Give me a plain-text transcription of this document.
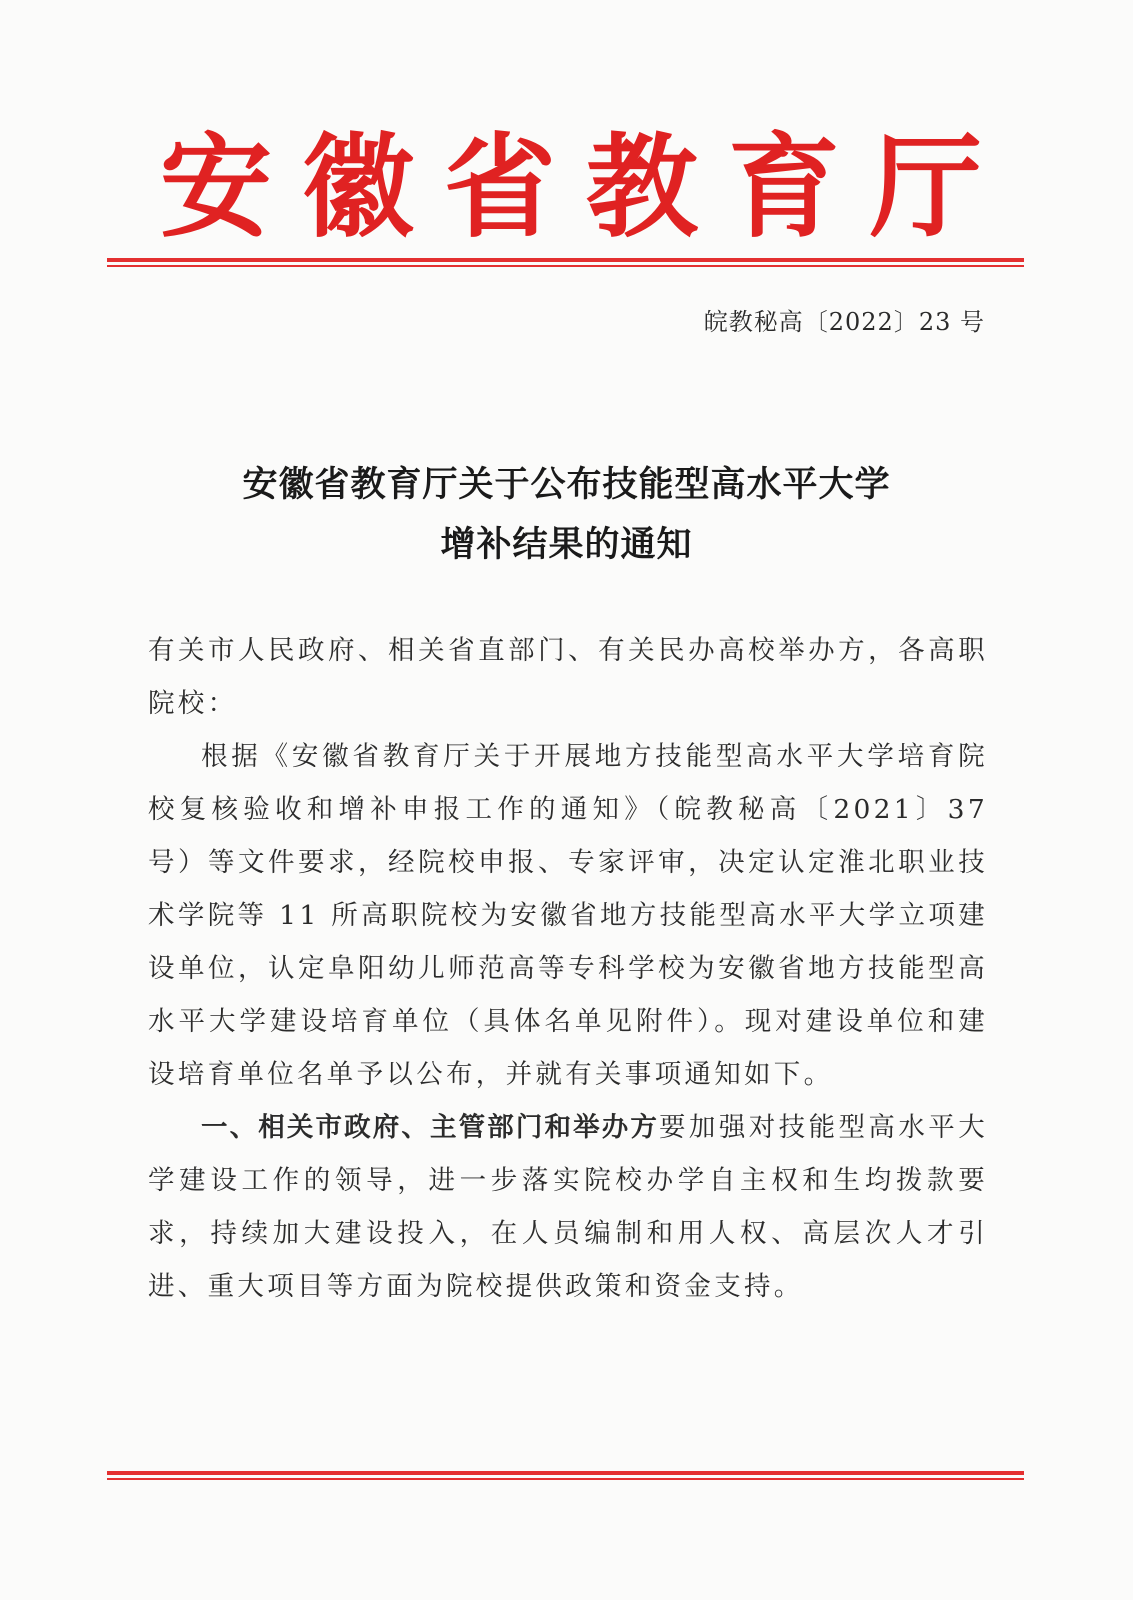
安徽省教育厅
皖教秘高〔2022〕23 号
安徽省教育厅关于公布技能型高水平大学
增补结果的通知

有关市人民政府、相关省直部门、有关民办高校举办方，各高职院校：

根据《安徽省教育厅关于开展地方技能型高水平大学培育院校复核验收和增补申报工作的通知》（皖教秘高〔2021〕37 号）等文件要求，经院校申报、专家评审，决定认定淮北职业技术学院等 11 所高职院校为安徽省地方技能型高水平大学立项建设单位，认定阜阳幼儿师范高等专科学校为安徽省地方技能型高水平大学建设培育单位（具体名单见附件）。现对建设单位和建设培育单位名单予以公布，并就有关事项通知如下。

一、相关市政府、主管部门和举办方要加强对技能型高水平大学建设工作的领导，进一步落实院校办学自主权和生均拨款要求，持续加大建设投入，在人员编制和用人权、高层次人才引进、重大项目等方面为院校提供政策和资金支持。
